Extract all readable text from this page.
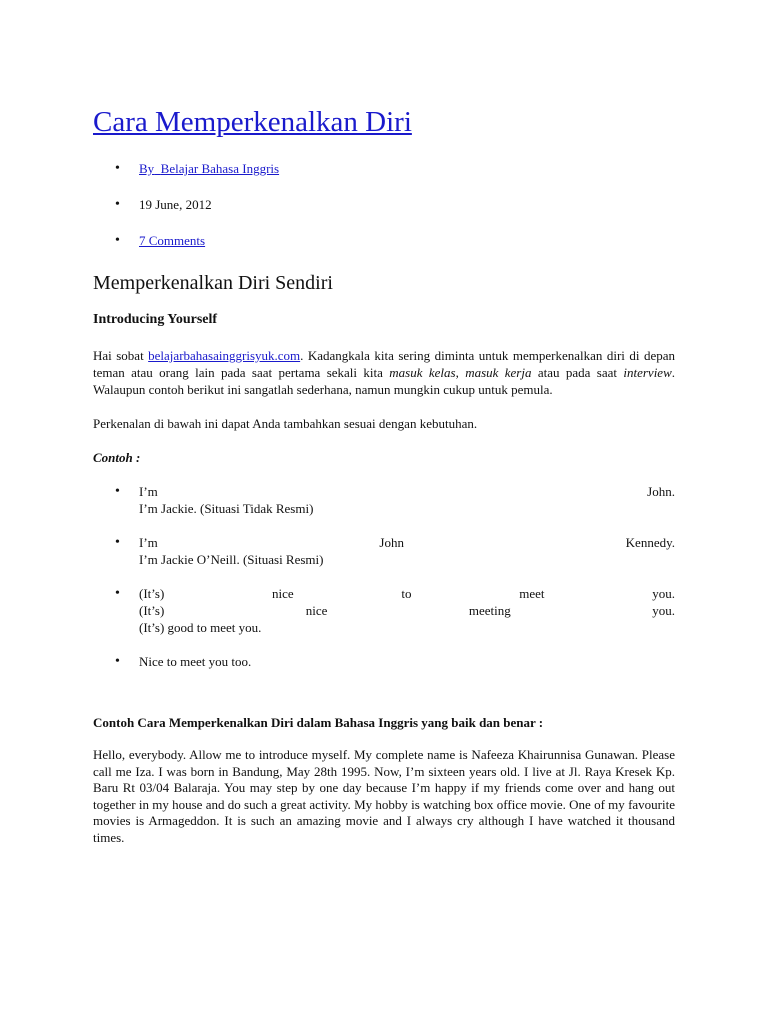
Cara Memperkenalkan Diri
• By Belajar Bahasa Inggris
• 19 June, 2012
• 7 Comments
Memperkenalkan Diri Sendiri
Introducing Yourself

Hai sobat belajarbahasainggrisyuk.com. Kadangkala kita sering diminta untuk memperkenalkan diri di depan teman atau orang lain pada saat pertama sekali kita masuk kelas, masuk kerja atau pada saat interview. Walaupun contoh berikut ini sangatlah sederhana, namun mungkin cukup untuk pemula.

Perkenalan di bawah ini dapat Anda tambahkan sesuai dengan kebutuhan.

Contoh :

• I’m John.
I’m Jackie. (Situasi Tidak Resmi)
• I’m John Kennedy.
I’m Jackie O’Neill. (Situasi Resmi)
• (It’s) nice to meet you.
(It’s) nice meeting you.
(It’s) good to meet you.
• Nice to meet you too.
Contoh Cara Memperkenalkan Diri dalam Bahasa Inggris yang baik dan benar :

Hello, everybody. Allow me to introduce myself. My complete name is Nafeeza Khairunnisa Gunawan. Please call me Iza. I was born in Bandung, May 28th 1995. Now, I’m sixteen years old. I live at Jl. Raya Kresek Kp. Baru Rt 03/04 Balaraja. You may step by one day because I’m happy if my friends come over and hang out together in my house and do such a great activity. My hobby is watching box office movie. One of my favourite movies is Armageddon. It is such an amazing movie and I always cry although I have watched it thousand times.
